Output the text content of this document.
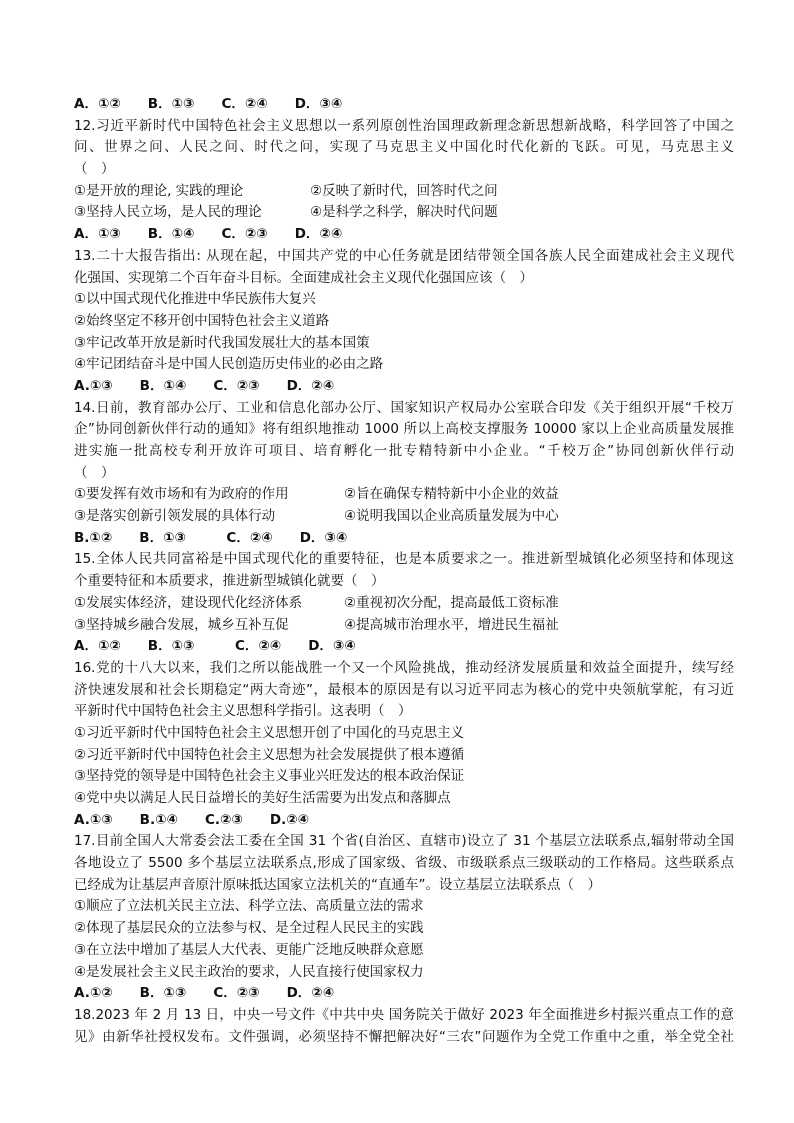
A．①②　　B．①③　　C．②④　　D．③④
12.习近平新时代中国特色社会主义思想以一系列原创性治国理政新理念新思想新战略，科学回答了中国之
问、世界之问、人民之问、时代之问，实现了马克思主义中国化时代化新的飞跃。可见，马克思主义
（　）
①是开放的理论, 实践的理论	②反映了新时代，回答时代之问
③坚持人民立场，是人民的理论	④是科学之科学，解决时代问题
A．①③　　B．①④　　C．②③　　D．②④
13.二十大报告指出: 从现在起，中国共产党的中心任务就是团结带领全国各族人民全面建成社会主义现代
化强国、实现第二个百年奋斗目标。全面建成社会主义现代化强国应该（　）
①以中国式现代化推进中华民族伟大复兴
②始终坚定不移开创中国特色社会主义道路
③牢记改革开放是新时代我国发展壮大的基本国策
④牢记团结奋斗是中国人民创造历史伟业的必由之路
A.①③　　B．①④　　C．②③　　D．②④
14.日前，教育部办公厅、工业和信息化部办公厅、国家知识产权局办公室联合印发《关于组织开展“千校万
企”协同创新伙伴行动的通知》将有组织地推动 1000 所以上高校支撑服务 10000 家以上企业高质量发展推
进实施一批高校专利开放许可项目、培育孵化一批专精特新中小企业。“千校万企”协同创新伙伴行动
（　）
①要发挥有效市场和有为政府的作用	②旨在确保专精特新中小企业的效益
③是落实创新引领发展的具体行动	④说明我国以企业高质量发展为中心
B.①②　　B．①③　　　C．②④　　D．③④
15.全体人民共同富裕是中国式现代化的重要特征，也是本质要求之一。推进新型城镇化必须坚持和体现这
个重要特征和本质要求，推进新型城镇化就要（　）
①发展实体经济，建设现代化经济体系	②重视初次分配，提高最低工资标准
③坚持城乡融合发展，城乡互补互促	④提高城市治理水平，增进民生福祉
A．①②　　B．①③　　　C．②④　　D．③④
16.党的十八大以来，我们之所以能战胜一个又一个风险挑战，推动经济发展质量和效益全面提升，续写经
济快速发展和社会长期稳定“两大奇迹”，最根本的原因是有以习近平同志为核心的党中央领航掌舵，有习近
平新时代中国特色社会主义思想科学指引。这表明（　）
①习近平新时代中国特色社会主义思想开创了中国化的马克思主义
②习近平新时代中国特色社会主义思想为社会发展提供了根本遵循
③坚持党的领导是中国特色社会主义事业兴旺发达的根本政治保证
④党中央以满足人民日益增长的美好生活需要为出发点和落脚点
A.①③　　B.①④　　C.②③　　D.②④
17.目前全国人大常委会法工委在全国 31 个省(自治区、直辖市)设立了 31 个基层立法联系点,辐射带动全国
各地设立了 5500 多个基层立法联系点,形成了国家级、省级、市级联系点三级联动的工作格局。这些联系点
已经成为让基层声音原汁原味抵达国家立法机关的“直通车”。设立基层立法联系点（　）
①顺应了立法机关民主立法、科学立法、高质量立法的需求
②体现了基层民众的立法参与权、是全过程人民民主的实践
③在立法中增加了基层人大代表、更能广泛地反映群众意愿
④是发展社会主义民主政治的要求，人民直接行使国家权力
A.①②　　B．①③　　C．②③　　D．②④
18.2023 年 2 月 13 日，中央一号文件《中共中央 国务院关于做好 2023 年全面推进乡村振兴重点工作的意
见》由新华社授权发布。文件强调，必须坚持不懈把解决好“三农”问题作为全党工作重中之重，举全党全社
